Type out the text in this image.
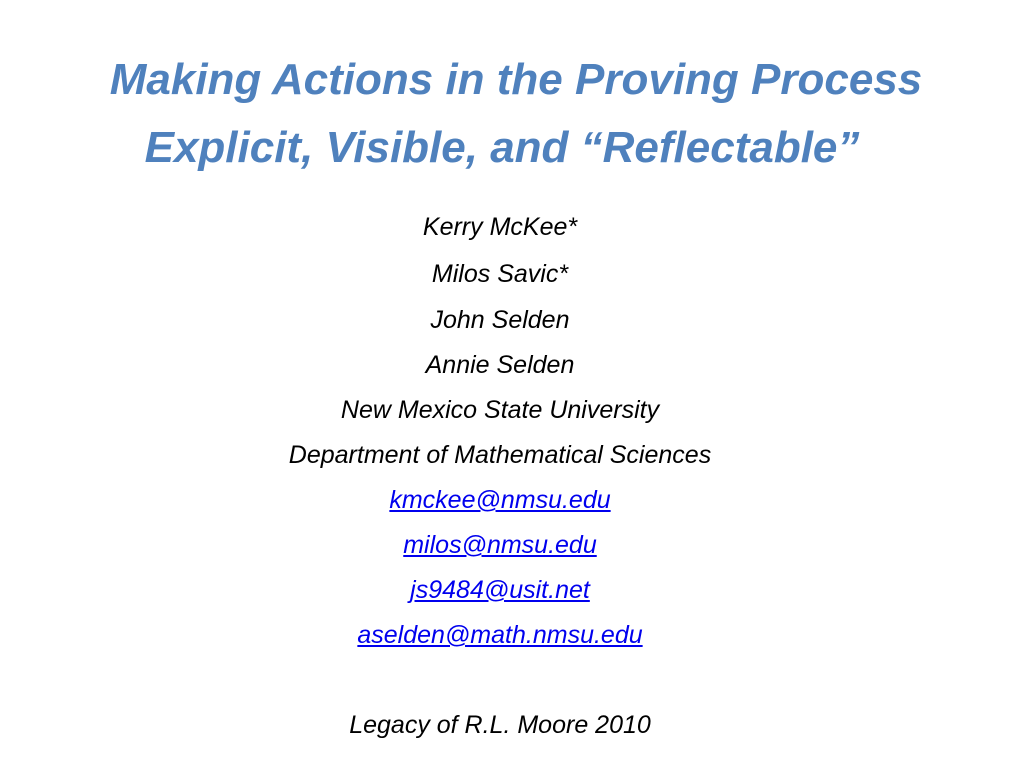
Making Actions in the Proving Process
Explicit, Visible, and “Reflectable”

Kerry McKee*

Milos Savic*

John Selden

Annie Selden

New Mexico State University

Department of Mathematical Sciences

kmckee@nmsu.edu

milos@nmsu.edu

js9484@usit.net

aselden@math.nmsu.edu

Legacy of R.L. Moore 2010
